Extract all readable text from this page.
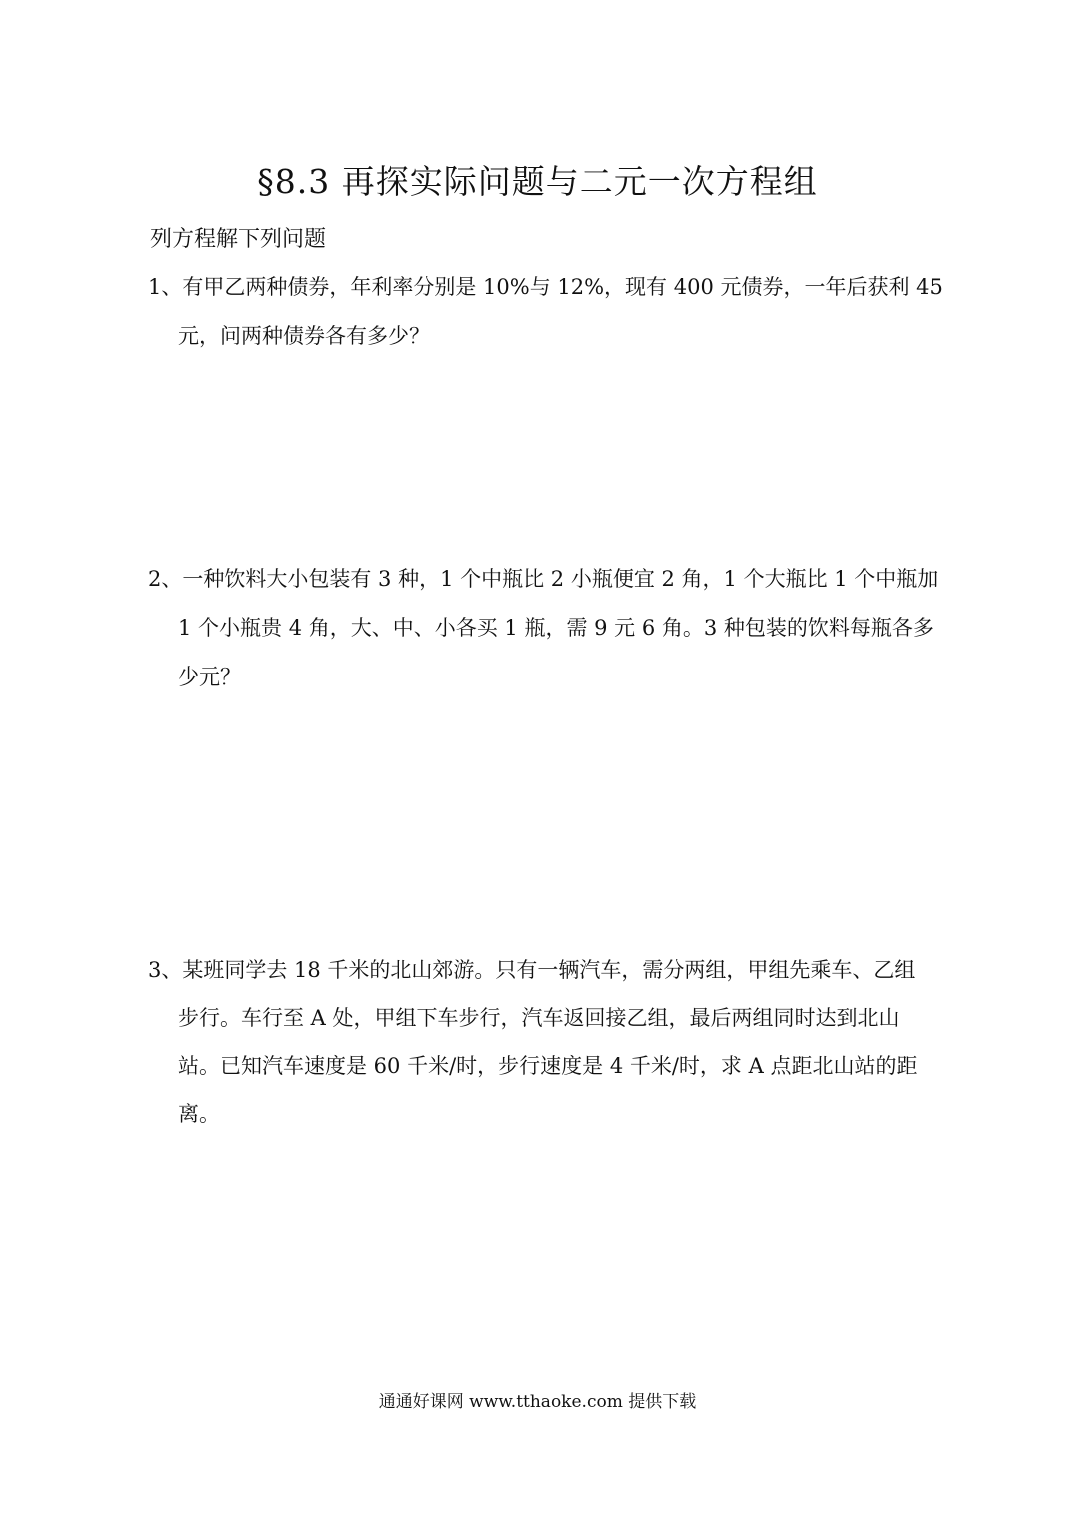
§8.3 再探实际问题与二元一次方程组
列方程解下列问题
1、有甲乙两种债券，年利率分别是 10%与 12%，现有 400 元债券，一年后获利 45
元，问两种债券各有多少？
2、一种饮料大小包装有 3 种，1 个中瓶比 2 小瓶便宜 2 角，1 个大瓶比 1 个中瓶加
1 个小瓶贵 4 角，大、中、小各买 1 瓶，需 9 元 6 角。3 种包装的饮料每瓶各多
少元？
3、某班同学去 18 千米的北山郊游。只有一辆汽车，需分两组，甲组先乘车、乙组
步行。车行至 A 处，甲组下车步行，汽车返回接乙组，最后两组同时达到北山
站。已知汽车速度是 60 千米/时，步行速度是 4 千米/时，求 A 点距北山站的距
离。
通通好课网 www.tthaoke.com 提供下载
